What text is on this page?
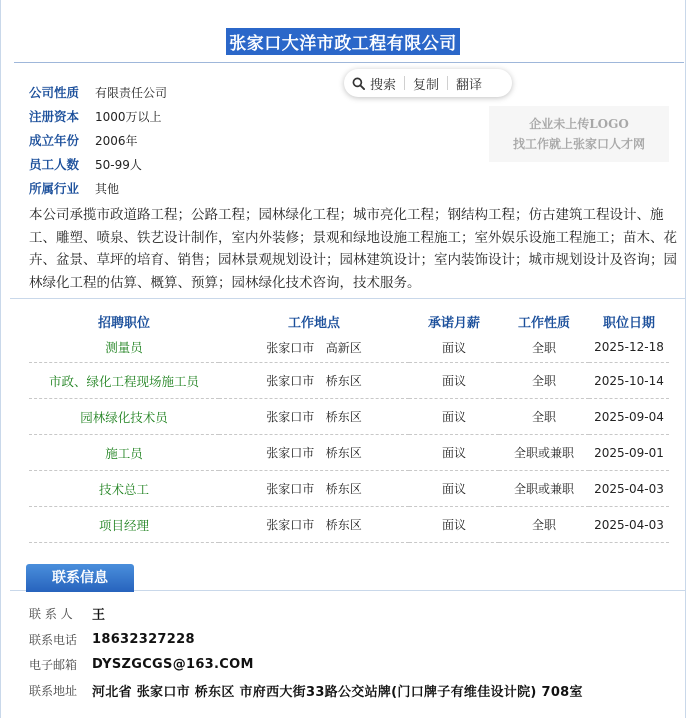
张家口大洋市政工程有限公司
搜索 复制 翻译
企业未上传LOGO
找工作就上张家口人才网
公司性质	有限责任公司
注册资本	1000万以上
成立年份	2006年
员工人数	50-99人
所属行业	其他
本公司承揽市政道路工程；公路工程；园林绿化工程；城市亮化工程；钢结构工程；仿古建筑工程设计、施工、雕塑、喷泉、铁艺设计制作，室内外装修；景观和绿地设施工程施工；室外娱乐设施工程施工；苗木、花卉、盆景、草坪的培育、销售；园林景观规划设计；园林建筑设计；室内装饰设计；城市规划设计及咨询；园林绿化工程的估算、概算、预算；园林绿化技术咨询，技术服务。
招聘职位	工作地点	承诺月薪	工作性质	职位日期
测量员	张家口市 高新区	面议	全职	2025-12-18
市政、绿化工程现场施工员	张家口市 桥东区	面议	全职	2025-10-14
园林绿化技术员	张家口市 桥东区	面议	全职	2025-09-04
施工员	张家口市 桥东区	面议	全职或兼职	2025-09-01
技术总工	张家口市 桥东区	面议	全职或兼职	2025-04-03
项目经理	张家口市 桥东区	面议	全职	2025-04-03
联系信息
联 系 人	王
联系电话	18632327228
电子邮箱	DYSZGCGS@163.COM
联系地址	河北省 张家口市 桥东区 市府西大街33路公交站牌(门口牌子有维佳设计院) 708室
